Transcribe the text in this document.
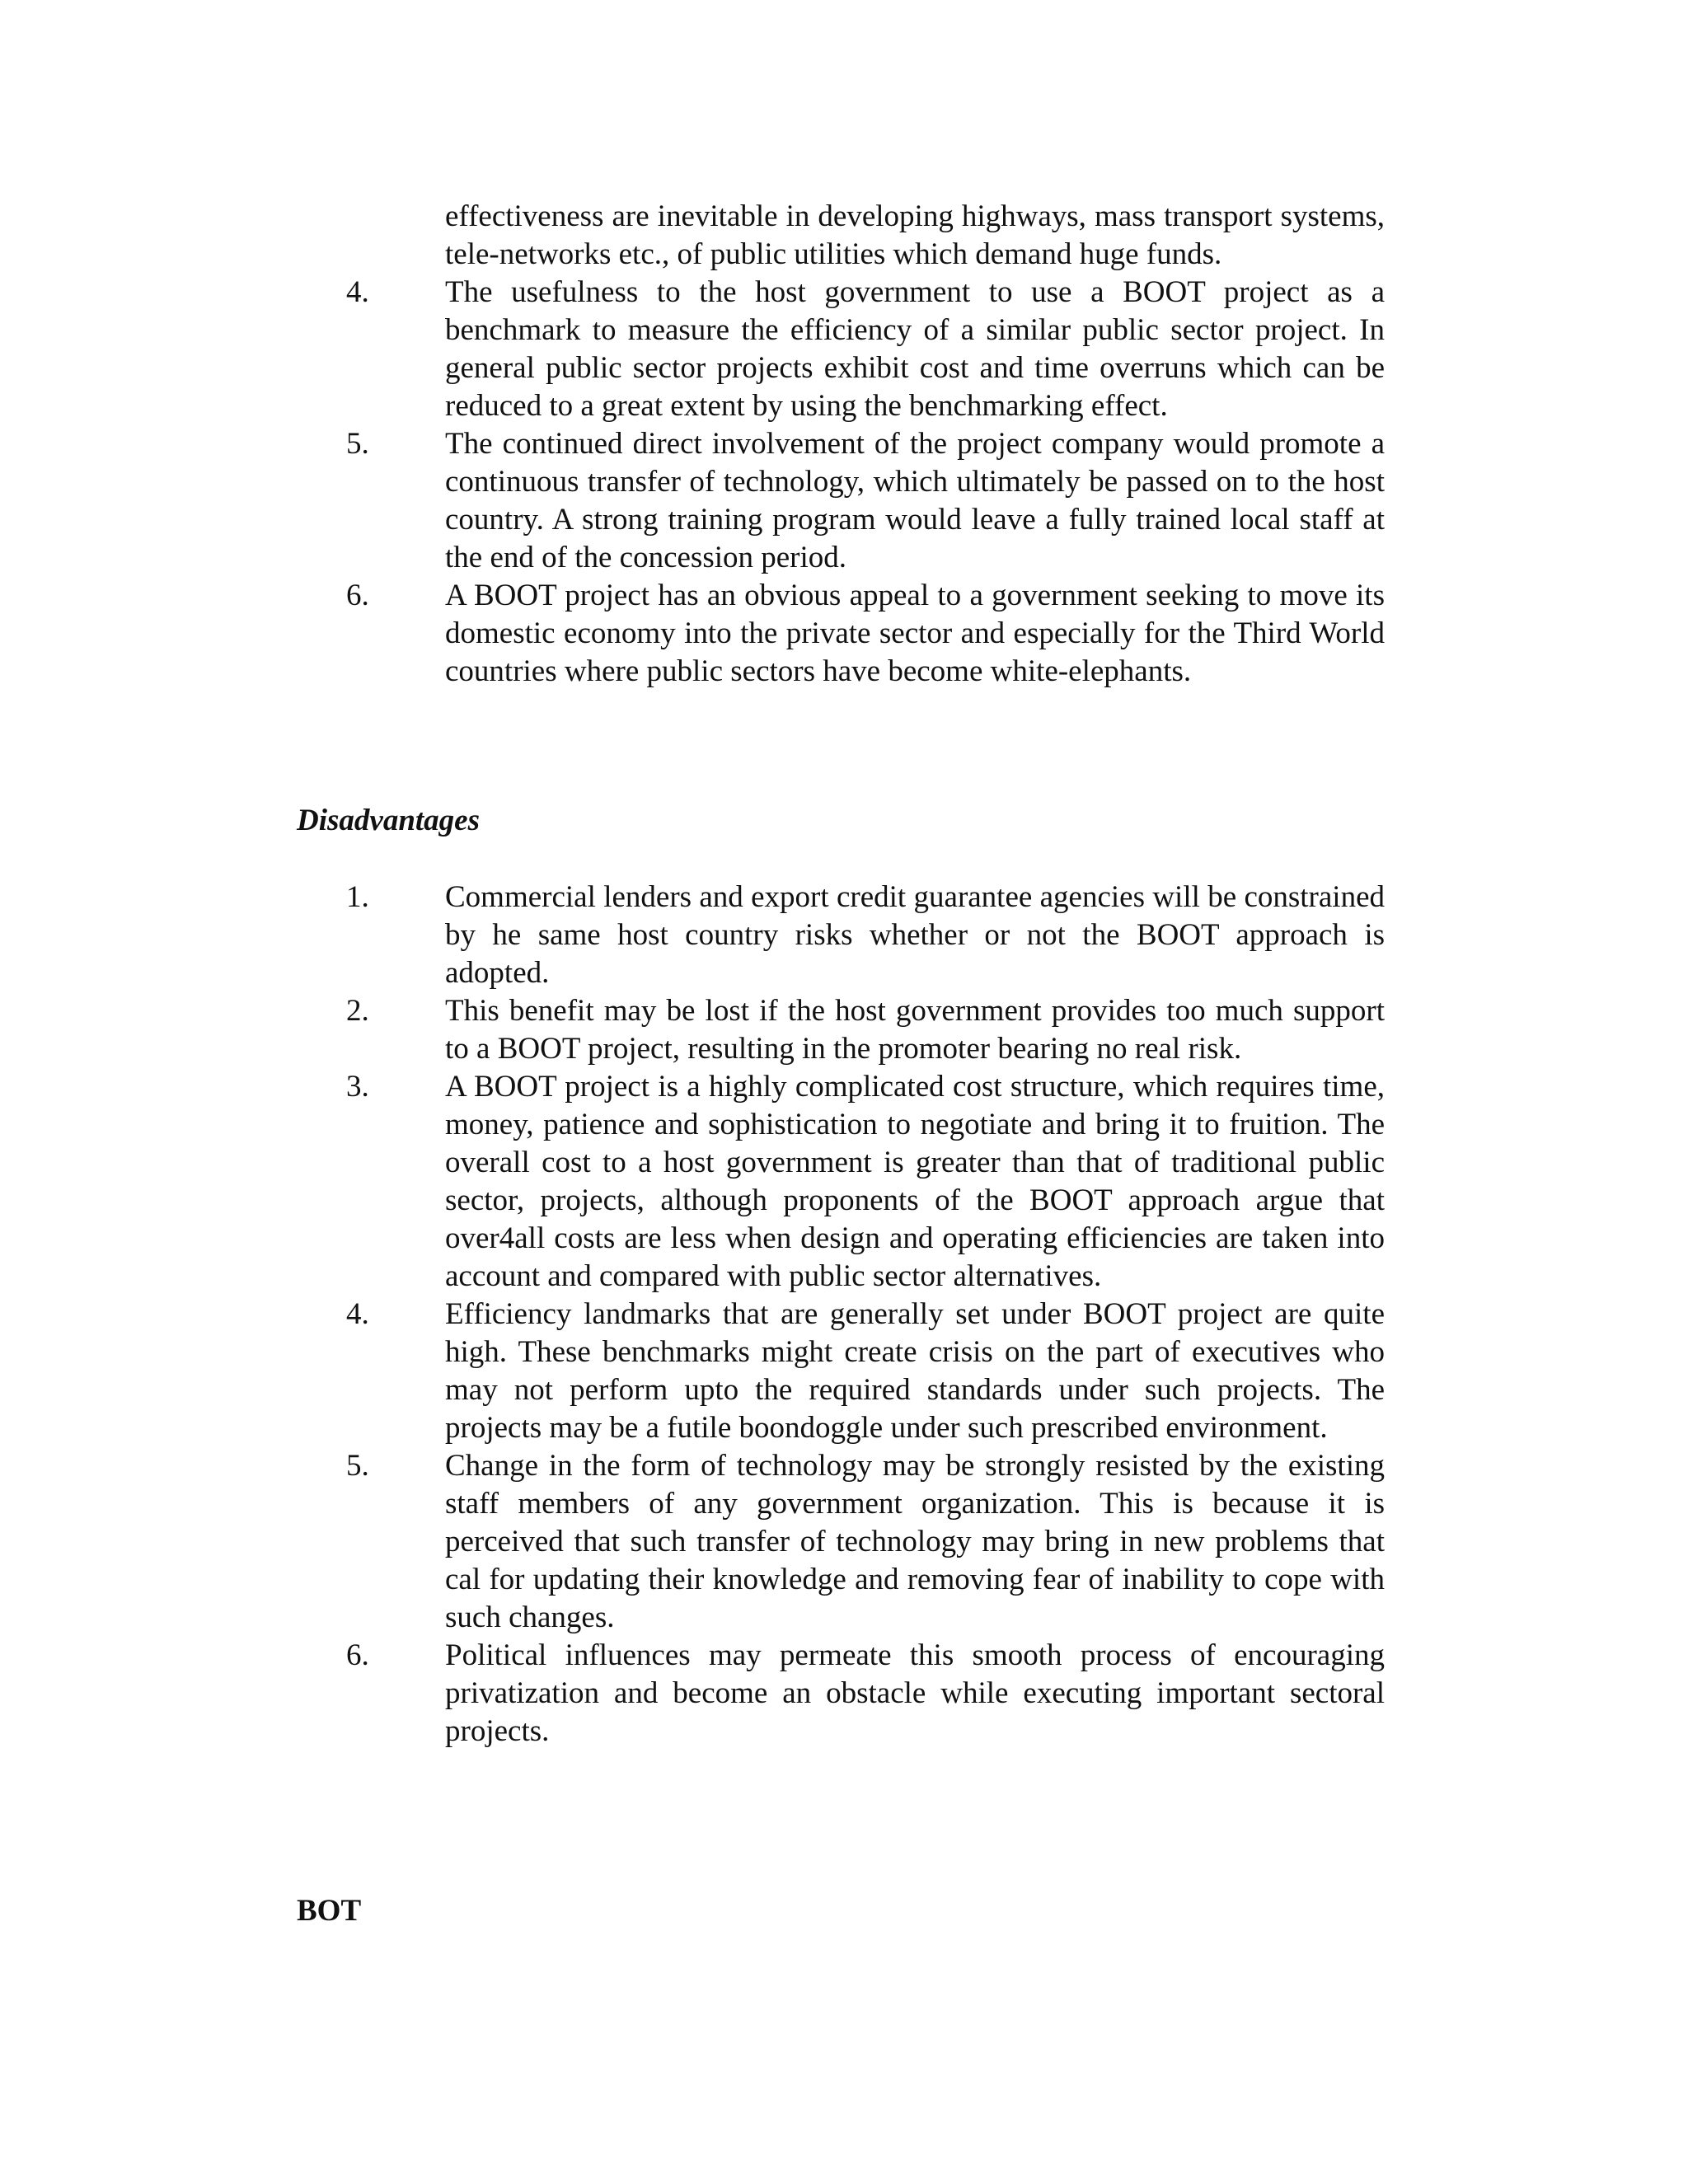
effectiveness are inevitable in developing highways, mass transport systems, tele-networks etc., of public utilities which demand huge funds.
4.	The usefulness to the host government to use a BOOT project as a benchmark to measure the efficiency of a similar public sector project. In general public sector projects exhibit cost and time overruns which can be reduced to a great extent by using the benchmarking effect.
5.	The continued direct involvement of the project company would promote a continuous transfer of technology, which ultimately be passed on to the host country. A strong training program would leave a fully trained local staff at the end of the concession period.
6.	A BOOT project has an obvious appeal to a government seeking to move its domestic economy into the private sector and especially for the Third World countries where public sectors have become white-elephants.
Disadvantages
1.	Commercial lenders and export credit guarantee agencies will be constrained by he same host country risks whether or not the BOOT approach is adopted.
2.	This benefit may be lost if the host government provides too much support to a BOOT project, resulting in the promoter bearing no real risk.
3.	A BOOT project is a highly complicated cost structure, which requires time, money, patience and sophistication to negotiate and bring it to fruition. The overall cost to a host government is greater than that of traditional public sector, projects, although proponents of the BOOT approach argue that over4all costs are less when design and operating efficiencies are taken into account and compared with public sector alternatives.
4.	Efficiency landmarks that are generally set under BOOT project are quite high. These benchmarks might create crisis on the part of executives who may not perform upto the required standards under such projects. The projects may be a futile boondoggle under such prescribed environment.
5.	Change in the form of technology may be strongly resisted by the existing staff members of any government organization. This is because it is perceived that such transfer of technology may bring in new problems that cal for updating their knowledge and removing fear of inability to cope with such changes.
6.	Political influences may permeate this smooth process of encouraging privatization and become an obstacle while executing important sectoral projects.
BOT
